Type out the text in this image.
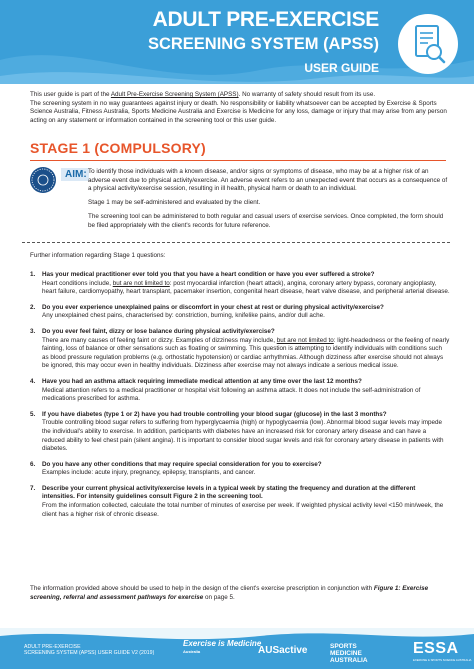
ADULT PRE-EXERCISE
SCREENING SYSTEM (APSS)
USER GUIDE

This user guide is part of the Adult Pre-Exercise Screening System (APSS). No warranty of safety should result from its use.

The screening system in no way guarantees against injury or death. No responsibility or liability whatsoever can be accepted by Exercise & Sports Science Australia, Fitness Australia, Sports Medicine Australia and Exercise is Medicine for any loss, damage or injury that may arise from any person acting on any statement or information contained in the screening tool or this user guide.

STAGE 1 (COMPULSORY)
AIM: To identify those individuals with a known disease, and/or signs or symptoms of disease, who may be at a higher risk of an adverse event due to physical activity/exercise. An adverse event refers to an unexpected event that occurs as a consequence of a physical activity/exercise session, resulting in ill health, physical harm or death to an individual.

Stage 1 may be self-administered and evaluated by the client.

The screening tool can be administered to both regular and casual users of exercise services. Once completed, the form should be filed appropriately with the client's records for future reference.

Further information regarding Stage 1 questions:
1. Has your medical practitioner ever told you that you have a heart condition or have you ever suffered a stroke?
Heart conditions include, but are not limited to: post myocardial infarction (heart attack), angina, coronary artery bypass, coronary angioplasty, heart failure, cardiomyopathy, heart transplant, pacemaker insertion, congenital heart disease, heart valve disease, and peripheral arterial disease.
2. Do you ever experience unexplained pains or discomfort in your chest at rest or during physical activity/exercise?
Any unexplained chest pains, characterised by: constriction, burning, knifelike pains, and/or dull ache.
3. Do you ever feel faint, dizzy or lose balance during physical activity/exercise?
There are many causes of feeling faint or dizzy. Examples of dizziness may include, but are not limited to: light-headedness or the feeling of nearly fainting, loss of balance or other sensations such as floating or swimming. This question is attempting to identify individuals with conditions such as blood pressure regulation problems (e.g. orthostatic hypotension) or cardiac arrhythmias. Although dizziness after exercise should not always be ignored, this may occur even in healthy individuals. Dizziness after exercise may not always indicate a serious medical issue.
4. Have you had an asthma attack requiring immediate medical attention at any time over the last 12 months?
Medical attention refers to a medical practitioner or hospital visit following an asthma attack. It does not include the self-administration of medications prescribed for asthma.
5. If you have diabetes (type 1 or 2) have you had trouble controlling your blood sugar (glucose) in the last 3 months?
Trouble controlling blood sugar refers to suffering from hyperglycaemia (high) or hypoglycaemia (low). Abnormal blood sugar levels may impede the individual's ability to exercise. In addition, participants with diabetes have an increased risk for coronary artery disease and can have a reduced ability to feel chest pain (silent angina). It is important to consider blood sugar levels and risk for coronary artery disease in patients with diabetes.
6. Do you have any other conditions that may require special consideration for you to exercise?
Examples include: acute injury, pregnancy, epilepsy, transplants, and cancer.
7. Describe your current physical activity/exercise levels in a typical week by stating the frequency and duration at the different intensities. For intensity guidelines consult Figure 2 in the screening tool.
From the information collected, calculate the total number of minutes of exercise per week. If weighted physical activity level <150 min/week, the client has a higher risk of chronic disease.
The information provided above should be used to help in the design of the client's exercise prescription in conjunction with Figure 1: Exercise screening, referral and assessment pathways for exercise on page 5.
ADULT PRE-EXERCISE
SCREENING SYSTEM (APSS) USER GUIDE V2 (2019)
Exercise is Medicine
Australia	AUSactive	SPORTS
MEDICINE
AUSTRALIA
ESSA
EXERCISE & SPORTS SCIENCE AUSTRALIA
